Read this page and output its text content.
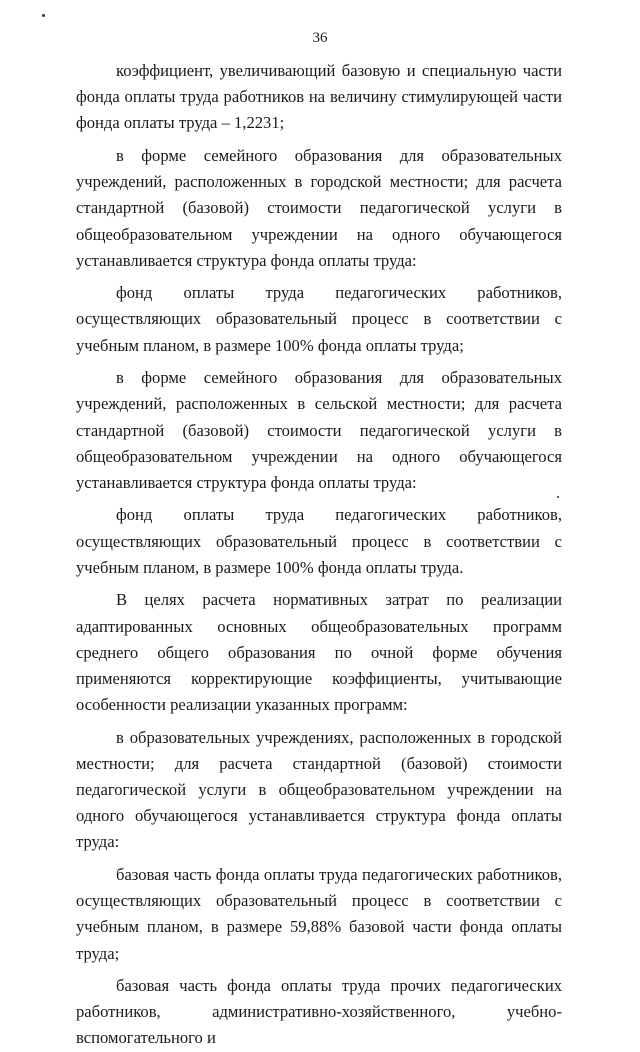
36

коэффициент, увеличивающий базовую и специальную части фонда оплаты труда работников на величину стимулирующей части фонда оплаты труда – 1,2231;

в форме семейного образования для образовательных учреждений, расположенных в городской местности; для расчета стандартной (базовой) стоимости педагогической услуги в общеобразовательном учреждении на одного обучающегося устанавливается структура фонда оплаты труда:

фонд оплаты труда педагогических работников, осуществляющих образовательный процесс в соответствии с учебным планом, в размере 100% фонда оплаты труда;

в форме семейного образования для образовательных учреждений, расположенных в сельской местности; для расчета стандартной (базовой) стоимости педагогической услуги в общеобразовательном учреждении на одного обучающегося устанавливается структура фонда оплаты труда:

фонд оплаты труда педагогических работников, осуществляющих образовательный процесс в соответствии с учебным планом, в размере 100% фонда оплаты труда.

В целях расчета нормативных затрат по реализации адаптированных основных общеобразовательных программ среднего общего образования по очной форме обучения применяются корректирующие коэффициенты, учитывающие особенности реализации указанных программ:

в образовательных учреждениях, расположенных в городской местности; для расчета стандартной (базовой) стоимости педагогической услуги в общеобразовательном учреждении на одного обучающегося устанавливается структура фонда оплаты труда:

базовая часть фонда оплаты труда педагогических работников, осуществляющих образовательный процесс в соответствии с учебным планом, в размере 59,88% базовой части фонда оплаты труда;

базовая часть фонда оплаты труда прочих педагогических работников, административно-хозяйственного, учебно-вспомогательного и
